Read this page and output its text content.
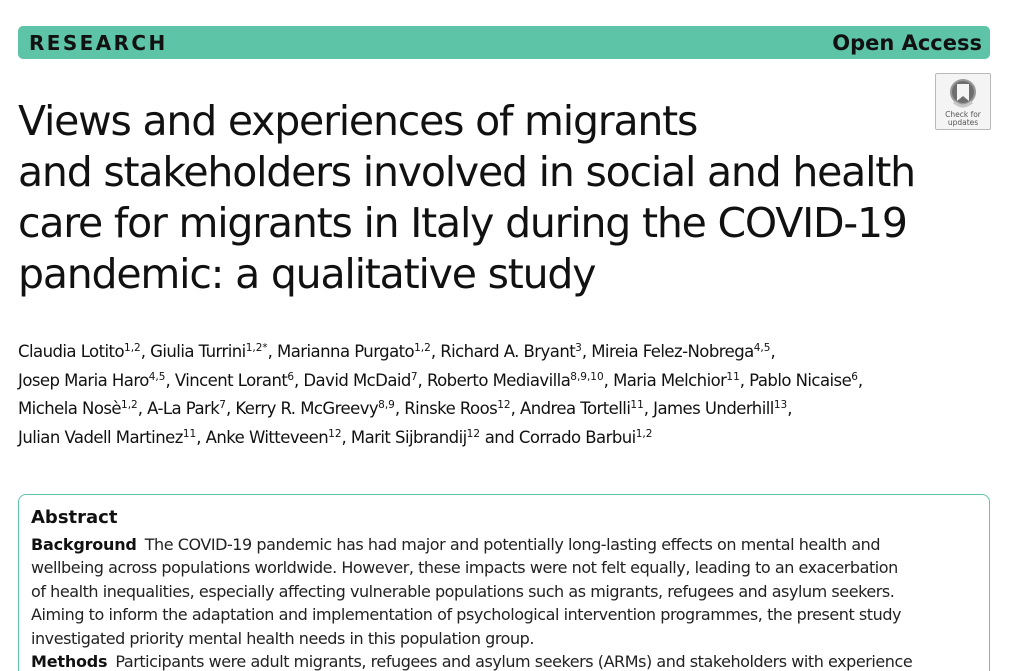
RESEARCH	Open Access
Check for
updates
Views and experiences of migrants
and stakeholders involved in social and health
care for migrants in Italy during the COVID-19
pandemic: a qualitative study
Claudia Lotito$^{1,2}$, Giulia Turrini$^{1,2*}$, Marianna Purgato$^{1,2}$, Richard A. Bryant$^3$, Mireia Felez-Nobrega$^{4,5}$,
Josep Maria Haro$^{4,5}$, Vincent Lorant$^6$, David McDaid$^7$, Roberto Mediavilla$^{8,9,10}$, Maria Melchior$^{11}$, Pablo Nicaise$^6$,
Michela Nosè$^{1,2}$, A-La Park$^7$, Kerry R. McGreevy$^{8,9}$, Rinske Roos$^{12}$, Andrea Tortelli$^{11}$, James Underhill$^{13}$,
Julian Vadell Martinez$^{11}$, Anke Witteveen$^{12}$, Marit Sijbrandij$^{12}$ and Corrado Barbui$^{1,2}$
Abstract
Background The COVID-19 pandemic has had major and potentially long-lasting effects on mental health and
wellbeing across populations worldwide. However, these impacts were not felt equally, leading to an exacerbation
of health inequalities, especially affecting vulnerable populations such as migrants, refugees and asylum seekers.
Aiming to inform the adaptation and implementation of psychological intervention programmes, the present study
investigated priority mental health needs in this population group.
Methods Participants were adult migrants, refugees and asylum seekers (ARMs) and stakeholders with experience
